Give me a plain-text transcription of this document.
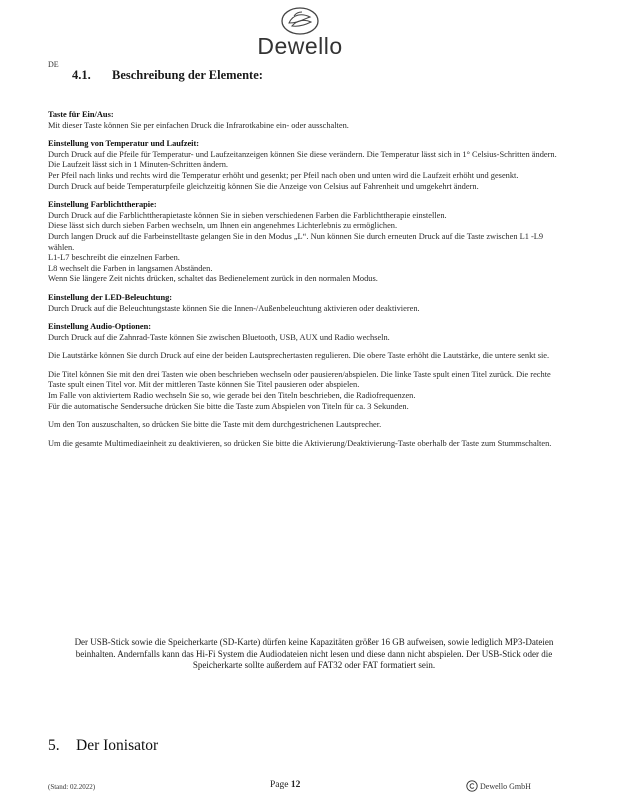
Dewello
DE
4.1. Beschreibung der Elemente:
Taste für Ein/Aus:

Mit dieser Taste können Sie per einfachen Druck die Infrarotkabine ein- oder ausschalten.

Einstellung von Temperatur und Laufzeit:

Durch Druck auf die Pfeile für Temperatur- und Laufzeitanzeigen können Sie diese verändern. Die Temperatur lässt sich in 1° Celsius-Schritten ändern. Die Laufzeit lässt sich in 1 Minuten-Schritten ändern.

Per Pfeil nach links und rechts wird die Temperatur erhöht und gesenkt; per Pfeil nach oben und unten wird die Laufzeit erhöht und gesenkt.

Durch Druck auf beide Temperaturpfeile gleichzeitig können Sie die Anzeige von Celsius auf Fahrenheit und umgekehrt ändern.

Einstellung Farblichttherapie:

Durch Druck auf die Farblichttherapietaste können Sie in sieben verschiedenen Farben die Farblichttherapie einstellen.

Diese lässt sich durch sieben Farben wechseln, um Ihnen ein angenehmes Lichterlebnis zu ermöglichen.

Durch langen Druck auf die Farbeinstelltaste gelangen Sie in den Modus „L“. Nun können Sie durch erneuten Druck auf die Taste zwischen L1 -L9 wählen.

L1-L7 beschreibt die einzelnen Farben.

L8 wechselt die Farben in langsamen Abständen.

Wenn Sie längere Zeit nichts drücken, schaltet das Bedienelement zurück in den normalen Modus.

Einstellung der LED-Beleuchtung:

Durch Druck auf die Beleuchtungstaste können Sie die Innen-/Außenbeleuchtung aktivieren oder deaktivieren.

Einstellung Audio-Optionen:

Durch Druck auf die Zahnrad-Taste können Sie zwischen Bluetooth, USB, AUX und Radio wechseln.

Die Lautstärke können Sie durch Druck auf eine der beiden Lautsprechertasten regulieren. Die obere Taste erhöht die Lautstärke, die untere senkt sie.

Die Titel können Sie mit den drei Tasten wie oben beschrieben wechseln oder pausieren/abspielen. Die linke Taste spult einen Titel zurück. Die rechte Taste spult einen Titel vor. Mit der mittleren Taste können Sie Titel pausieren oder abspielen.
Im Falle von aktiviertem Radio wechseln Sie so, wie gerade bei den Titeln beschrieben, die Radiofrequenzen.
Für die automatische Sendersuche drücken Sie bitte die Taste zum Abspielen von Titeln für ca. 3 Sekunden.

Um den Ton auszuschalten, so drücken Sie bitte die Taste mit dem durchgestrichenen Lautsprecher.

Um die gesamte Multimediaeinheit zu deaktivieren, so drücken Sie bitte die Aktivierung/Deaktivierung-Taste oberhalb der Taste zum Stummschalten.

Der USB-Stick sowie die Speicherkarte (SD-Karte) dürfen keine Kapazitäten größer 16 GB aufweisen, sowie lediglich MP3-Dateien beinhalten. Andernfalls kann das Hi-Fi System die Audiodateien nicht lesen und diese dann nicht abspielen. Der USB-Stick oder die Speicherkarte sollte außerdem auf FAT32 oder FAT formatiert sein.
5. Der Ionisator
(Stand: 02.2022)	Page 12	Dewello GmbH
